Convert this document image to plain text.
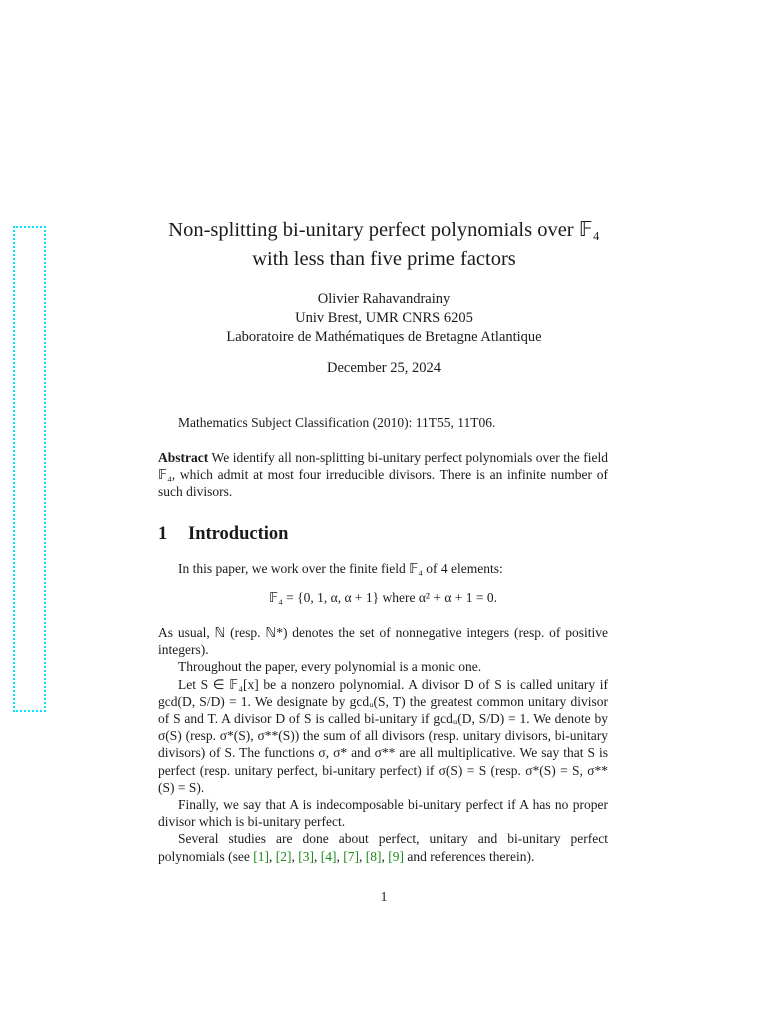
Non-splitting bi-unitary perfect polynomials over 𝔽₄
with less than five prime factors
Olivier Rahavandrainy
Univ Brest, UMR CNRS 6205
Laboratoire de Mathématiques de Bretagne Atlantique
December 25, 2024
Mathematics Subject Classification (2010): 11T55, 11T06.
Abstract We identify all non-splitting bi-unitary perfect polynomials over the field 𝔽₄, which admit at most four irreducible divisors. There is an infinite number of such divisors.
1 Introduction
In this paper, we work over the finite field 𝔽₄ of 4 elements:
𝔽₄ = {0, 1, α, α + 1} where α² + α + 1 = 0.
As usual, ℕ (resp. ℕ*) denotes the set of nonnegative integers (resp. of positive integers).
Throughout the paper, every polynomial is a monic one.
Let S ∈ 𝔽₄[x] be a nonzero polynomial. A divisor D of S is called unitary if gcd(D, S/D) = 1. We designate by gcdᵤ(S, T) the greatest common unitary divisor of S and T. A divisor D of S is called bi-unitary if gcdᵤ(D, S/D) = 1. We denote by σ(S) (resp. σ*(S), σ**(S)) the sum of all divisors (resp. unitary divisors, bi-unitary divisors) of S. The functions σ, σ* and σ** are all multiplicative. We say that S is perfect (resp. unitary perfect, bi-unitary perfect) if σ(S) = S (resp. σ*(S) = S, σ**(S) = S).
Finally, we say that A is indecomposable bi-unitary perfect if A has no proper divisor which is bi-unitary perfect.
Several studies are done about perfect, unitary and bi-unitary perfect polynomials (see [1], [2], [3], [4], [7], [8], [9] and references therein).
1
